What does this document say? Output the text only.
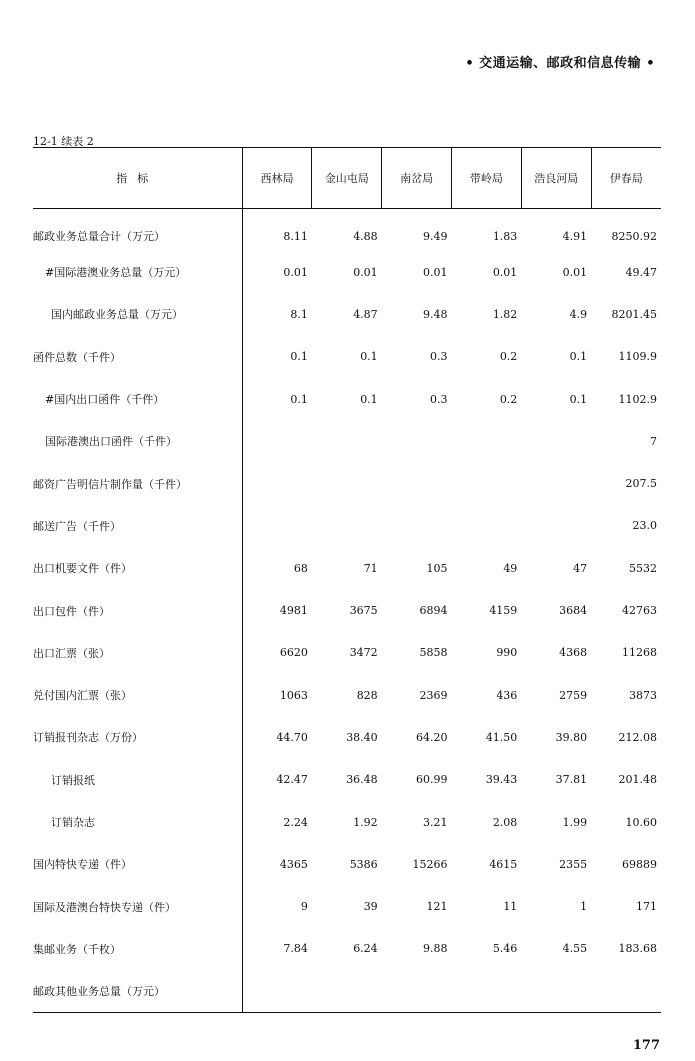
• 交通运输、邮政和信息传输 •
12-1 续表 2
指标	西林局	金山屯局	南岔局	带岭局	浩良河局	伊春局
邮政业务总量合计（万元）	8.11	4.88	9.49	1.83	4.91	8250.92
#国际港澳业务总量（万元）	0.01	0.01	0.01	0.01	0.01	49.47
国内邮政业务总量（万元）	8.1	4.87	9.48	1.82	4.9	8201.45
函件总数（千件）	0.1	0.1	0.3	0.2	0.1	1109.9
#国内出口函件（千件）	0.1	0.1	0.3	0.2	0.1	1102.9
国际港澳出口函件（千件）						7
邮资广告明信片制作量（千件）						207.5
邮送广告（千件）						23.0
出口机要文件（件）	68	71	105	49	47	5532
出口包件（件）	4981	3675	6894	4159	3684	42763
出口汇票（张）	6620	3472	5858	990	4368	11268
兑付国内汇票（张）	1063	828	2369	436	2759	3873
订销报刊杂志（万份）	44.70	38.40	64.20	41.50	39.80	212.08
订销报纸	42.47	36.48	60.99	39.43	37.81	201.48
订销杂志	2.24	1.92	3.21	2.08	1.99	10.60
国内特快专递（件）	4365	5386	15266	4615	2355	69889
国际及港澳台特快专递（件）	9	39	121	11	1	171
集邮业务（千枚）	7.84	6.24	9.88	5.46	4.55	183.68
邮政其他业务总量（万元）						
177
